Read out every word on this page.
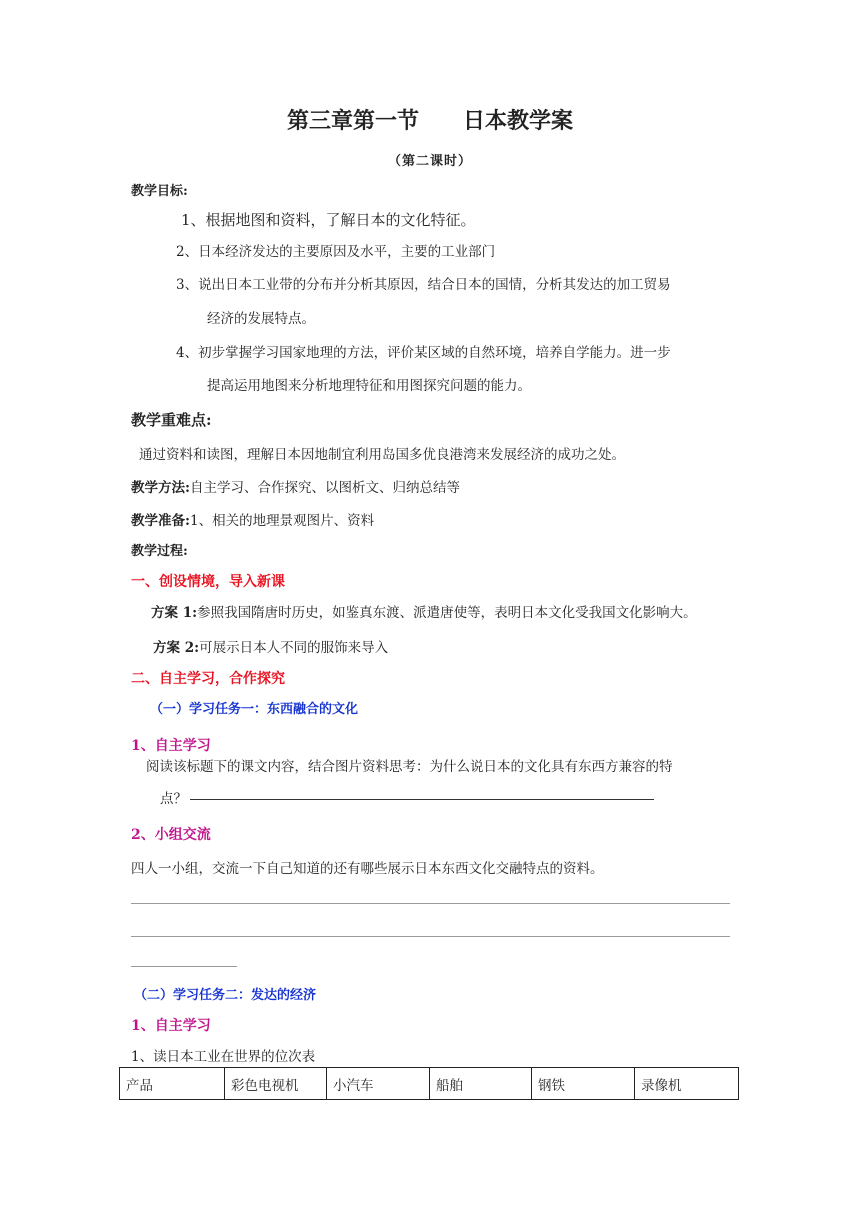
第三章第一节 日本教学案
（第二课时）
教学目标:
1、根据地图和资料，了解日本的文化特征。
2、日本经济发达的主要原因及水平，主要的工业部门
3、说出日本工业带的分布并分析其原因，结合日本的国情，分析其发达的加工贸易
经济的发展特点。
4、初步掌握学习国家地理的方法，评价某区域的自然环境，培养自学能力。进一步
提高运用地图来分析地理特征和用图探究问题的能力。
教学重难点:
通过资料和读图，理解日本因地制宜利用岛国多优良港湾来发展经济的成功之处。
教学方法:自主学习、合作探究、以图析文、归纳总结等
教学准备:1、相关的地理景观图片、资料
教学过程:
一、创设情境，导入新课
方案 1:参照我国隋唐时历史，如鉴真东渡、派遣唐使等，表明日本文化受我国文化影响大。
方案 2:可展示日本人不同的服饰来导入
二、自主学习，合作探究
（一）学习任务一：东西融合的文化
1、自主学习
阅读该标题下的课文内容，结合图片资料思考：为什么说日本的文化具有东西方兼容的特
点？
2、小组交流
四人一小组，交流一下自己知道的还有哪些展示日本东西文化交融特点的资料。
（二）学习任务二：发达的经济
1、自主学习
1、读日本工业在世界的位次表
产品	彩色电视机	小汽车	船舶	钢铁	录像机
